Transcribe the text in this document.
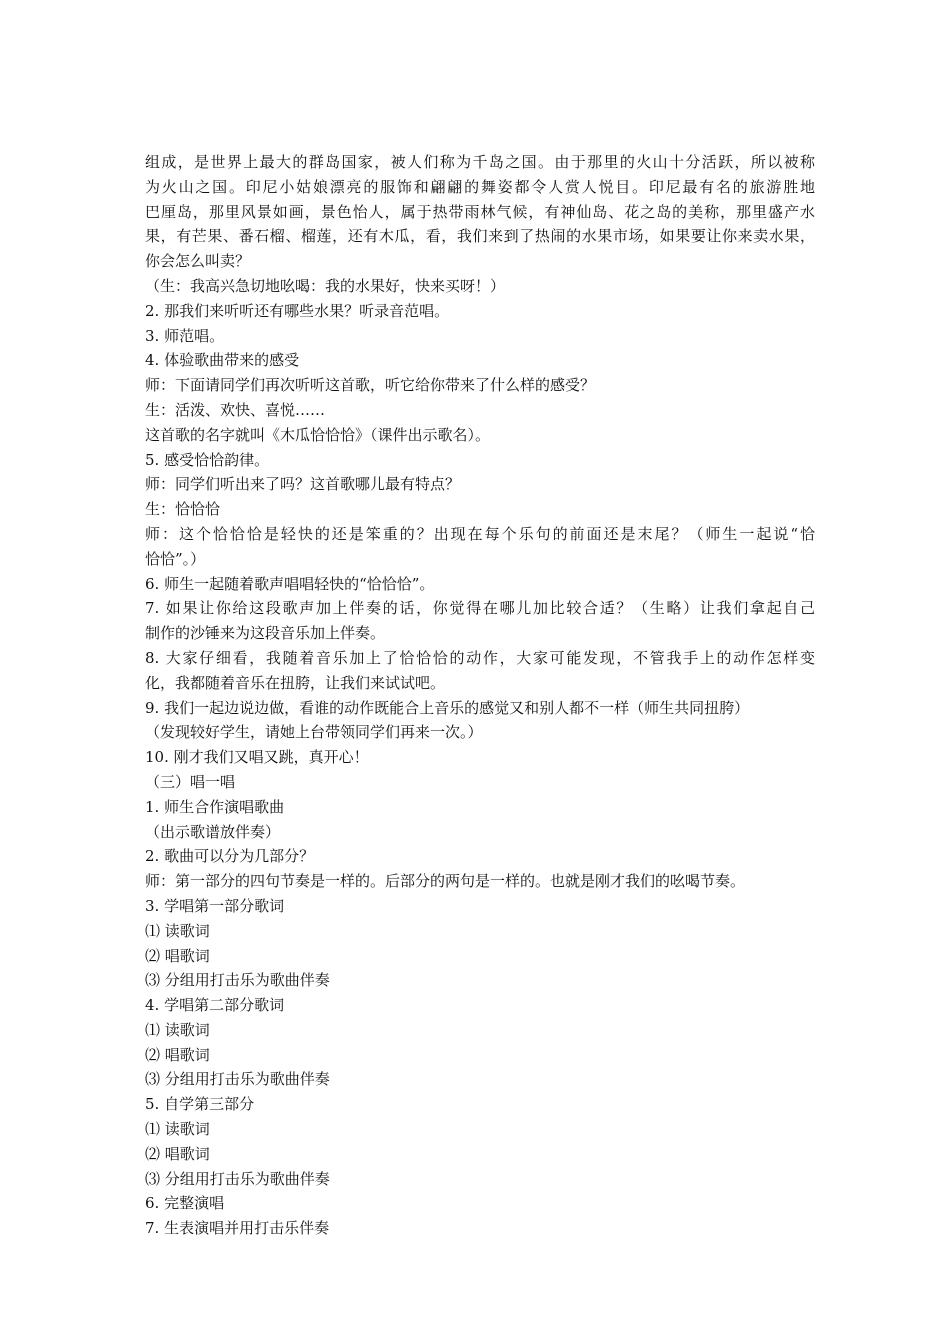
组成，是世界上最大的群岛国家，被人们称为千岛之国。由于那里的火山十分活跃，所以被称
为火山之国。印尼小姑娘漂亮的服饰和翩翩的舞姿都令人赏人悦目。印尼最有名的旅游胜地
巴厘岛，那里风景如画，景色怡人，属于热带雨林气候，有神仙岛、花之岛的美称，那里盛产水
果，有芒果、番石榴、榴莲，还有木瓜，看，我们来到了热闹的水果市场，如果要让你来卖水果，
你会怎么叫卖？
（生：我高兴急切地吆喝：我的水果好，快来买呀！）
2. 那我们来听听还有哪些水果？听录音范唱。
3. 师范唱。
4. 体验歌曲带来的感受
师：下面请同学们再次听听这首歌，听它给你带来了什么样的感受？
生：活泼、欢快、喜悦……
这首歌的名字就叫《木瓜恰恰恰》（课件出示歌名）。
5. 感受恰恰韵律。
师：同学们听出来了吗？这首歌哪儿最有特点？
生：恰恰恰
师：这个恰恰恰是轻快的还是笨重的？出现在每个乐句的前面还是末尾？（师生一起说“恰
恰恰”。）
6. 师生一起随着歌声唱唱轻快的“恰恰恰”。
7. 如果让你给这段歌声加上伴奏的话，你觉得在哪儿加比较合适？（生略）让我们拿起自己
制作的沙锤来为这段音乐加上伴奏。
8. 大家仔细看，我随着音乐加上了恰恰恰的动作，大家可能发现，不管我手上的动作怎样变
化，我都随着音乐在扭胯，让我们来试试吧。
9. 我们一起边说边做，看谁的动作既能合上音乐的感觉又和别人都不一样（师生共同扭胯）
（发现较好学生，请她上台带领同学们再来一次。）
10. 刚才我们又唱又跳，真开心！
（三）唱一唱
1. 师生合作演唱歌曲
（出示歌谱放伴奏）
2. 歌曲可以分为几部分？
师：第一部分的四句节奏是一样的。后部分的两句是一样的。也就是刚才我们的吆喝节奏。
3. 学唱第一部分歌词
⑴ 读歌词
⑵ 唱歌词
⑶ 分组用打击乐为歌曲伴奏
4. 学唱第二部分歌词
⑴ 读歌词
⑵ 唱歌词
⑶ 分组用打击乐为歌曲伴奏
5. 自学第三部分
⑴ 读歌词
⑵ 唱歌词
⑶ 分组用打击乐为歌曲伴奏
6. 完整演唱
7. 生表演唱并用打击乐伴奏
